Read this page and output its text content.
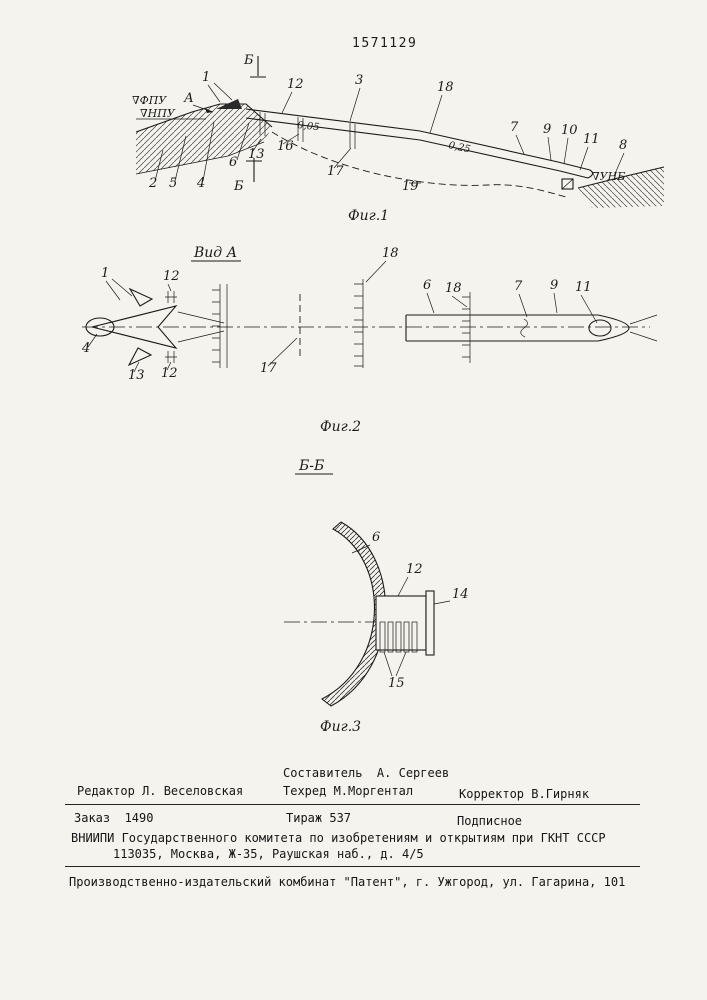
1571129
∇ФПУ
∇НПУ
А
0,05
0,25
∇УНБ
Б
Б
1	12	3	18
7 9 10
11 8
2 5 4
6
13
16
17
19
Фиг.1
Вид А
1	12
18
6 18	7 9 11
4
13 12	17
Фиг.2
Б-Б
6
12
14
15
Фиг.3
Составитель  А. Сергеев
Редактор Л. Веселовская	Техред М.Моргентал	Корректор В.Гирняк
Заказ  1490	Тираж 537	Подписное
ВНИИПИ Государственного комитета по изобретениям и открытиям при ГКНТ СССР
113035, Москва, Ж-35, Раушская наб., д. 4/5
Производственно-издательский комбинат "Патент", г. Ужгород, ул. Гагарина, 101
